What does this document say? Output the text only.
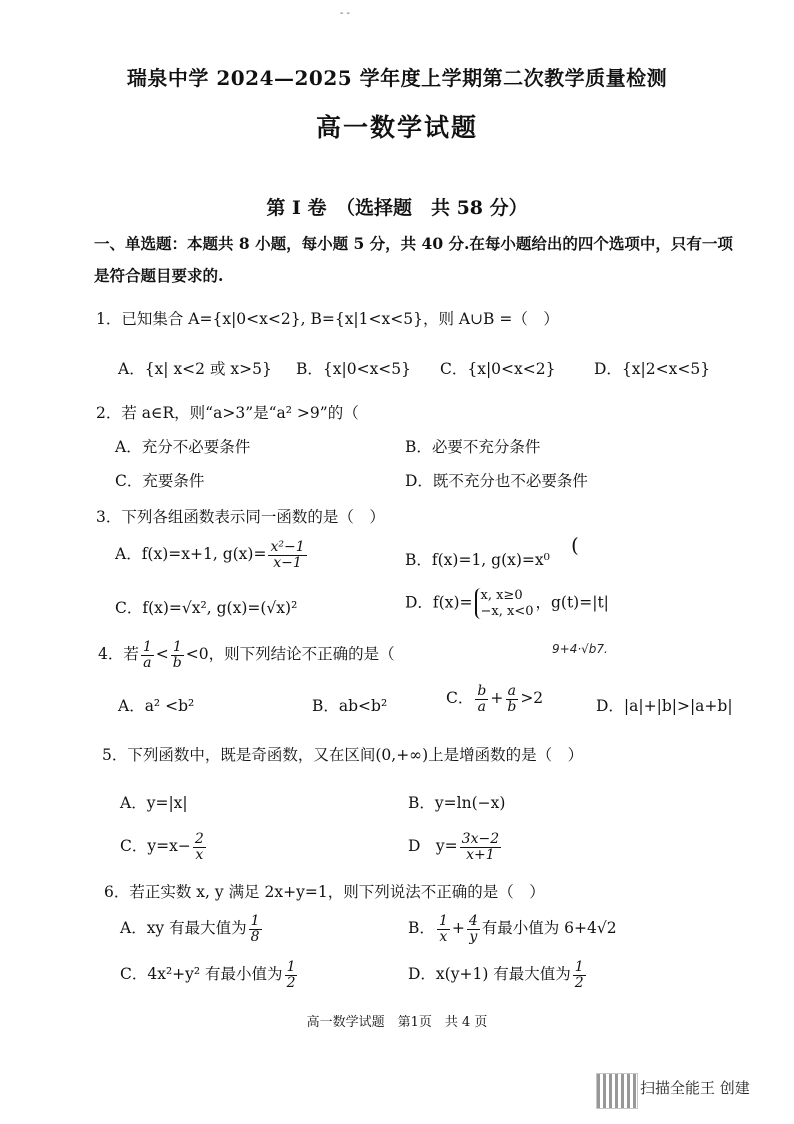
- -
瑞泉中学 2024—2025 学年度上学期第二次教学质量检测
高一数学试题
第 I 卷　（选择题　共 58 分）
一、单选题：本题共 8 小题，每小题 5 分，共 40 分.在每小题给出的四个选项中，只有一项
是符合题目要求的.
1．已知集合 A={x|0<x<2}, B={x|1<x<5}，则 A∪B =（　）
A．{x| x<2 或 x>5} B．{x|0<x<5} C．{x|0<x<2} D．{x|2<x<5}
2．若 a∈R，则“a>3”是“a² >9”的（
A．充分不必要条件	B．必要不充分条件
C．充要条件	D．既不充分也不必要条件
3．下列各组函数表示同一函数的是（　）
A．f(x)=x+1, $g(x)= \frac{\text{x²−1}}{x-1}$	B．f(x)=1, g(x)=x⁰
(
C．f(x)=√x², g(x)=(√x)²	D．f(x)= x, x≥0
−x, x<0 ，g(t)=|t|
4．若 $\frac{1}{a} < \frac{1}{b} <0$，则下列结论不正确的是（	9+4·√b7.
A．a² <b²	B．ab<b²	C． $\frac{b}{a} + \frac{a}{b} >2$	D．|a|+|b|>|a+b|
5．下列函数中，既是奇函数，又在区间(0,+∞)上是增函数的是（　）
A．y=|x|	B．y=ln(−x)
C．$y=x- \frac{2}{x}$	D　$y= \frac{3x-2}{x+1}$
6．若正实数 x, y 满足 2x+y=1，则下列说法不正确的是（　）
A．xy 有最大值为 $\frac{1}{8}$	B． $\frac{1}{x} + \frac{4}{y}$ 有最小值为 6+4√2
C．4x²+y² 有最小值为 $\frac{1}{2}$	D．x(y+1) 有最大值为 $\frac{1}{2}$
高一数学试题　第1页　共 4 页
扫描全能王 创建
